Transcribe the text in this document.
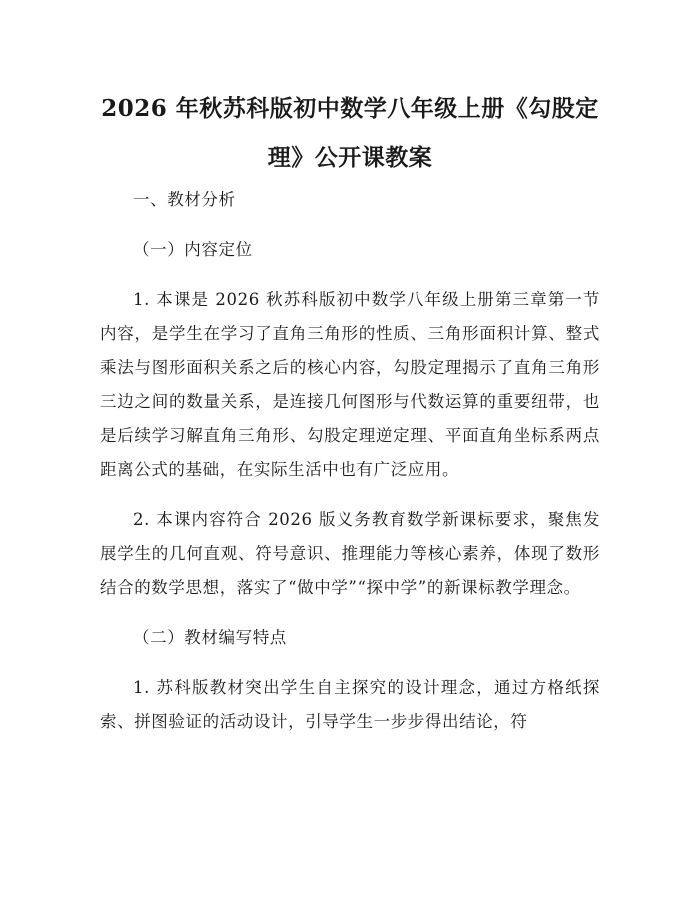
2026 年秋苏科版初中数学八年级上册《勾股定理》公开课教案

一、教材分析

（一）内容定位

1. 本课是 2026 秋苏科版初中数学八年级上册第三章第一节内容，是学生在学习了直角三角形的性质、三角形面积计算、整式乘法与图形面积关系之后的核心内容，勾股定理揭示了直角三角形三边之间的数量关系，是连接几何图形与代数运算的重要纽带，也是后续学习解直角三角形、勾股定理逆定理、平面直角坐标系两点距离公式的基础，在实际生活中也有广泛应用。

2. 本课内容符合 2026 版义务教育数学新课标要求，聚焦发展学生的几何直观、符号意识、推理能力等核心素养，体现了数形结合的数学思想，落实了“做中学”“探中学”的新课标教学理念。

（二）教材编写特点

1. 苏科版教材突出学生自主探究的设计理念，通过方格纸探索、拼图验证的活动设计，引导学生一步步得出结论，符
